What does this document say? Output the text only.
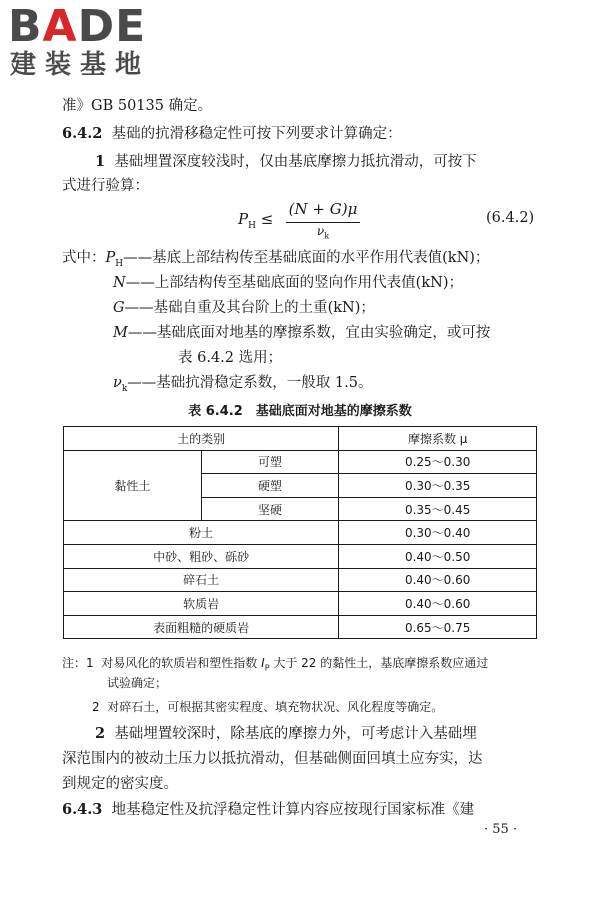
BADE
建装基地
准》GB 50135 确定。
6.4.2 基础的抗滑移稳定性可按下列要求计算确定：
1 基础埋置深度较浅时，仅由基底摩擦力抵抗滑动，可按下
式进行验算：
$P_H$ ≤
(N + G)μ
$\nu_k$
(6.4.2)
式中：$P_H——$基底上部结构传至基础底面的水平作用代表值(kN)；
N——上部结构传至基础底面的竖向作用代表值(kN)；
G——基础自重及其台阶上的土重(kN)；
M——基础底面对地基的摩擦系数，宜由实验确定，或可按
表 6.4.2 选用；
$\nu_k——$基础抗滑稳定系数，一般取 1.5。
表 6.4.2　基础底面对地基的摩擦系数
土的类别		摩擦系数 μ
黏性土	可塑	0.25～0.30
	硬塑	0.30～0.35
	坚硬	0.35～0.45
粉土		0.30～0.40
中砂、粗砂、砾砂		0.40～0.50
碎石土		0.40～0.60
软质岩		0.40～0.60
表面粗糙的硬质岩		0.65～0.75
注：1 对易风化的软质岩和塑性指数 $I_P$ 大于 22 的黏性土，基底摩擦系数应通过
试验确定；
2 对碎石土，可根据其密实程度、填充物状况、风化程度等确定。
2 基础埋置较深时，除基底的摩擦力外，可考虑计入基础埋
深范围内的被动土压力以抵抗滑动，但基础侧面回填土应夯实，达
到规定的密实度。
6.4.3 地基稳定性及抗浮稳定性计算内容应按现行国家标准《建
· 55 ·
